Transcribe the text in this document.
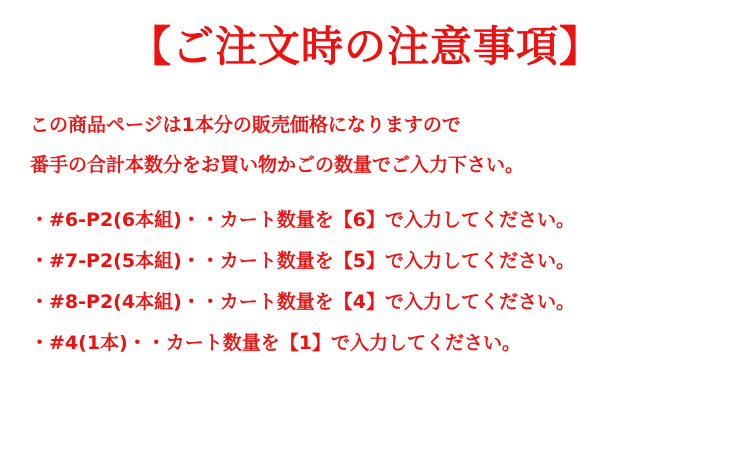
【ご注文時の注意事項】
この商品ページは1本分の販売価格になりますので
番手の合計本数分をお買い物かごの数量でご入力下さい。
・#6-P2(6本組)・・カート数量を【6】で入力してください。
・#7-P2(5本組)・・カート数量を【5】で入力してください。
・#8-P2(4本組)・・カート数量を【4】で入力してください。
・#4(1本)・・カート数量を【1】で入力してください。
